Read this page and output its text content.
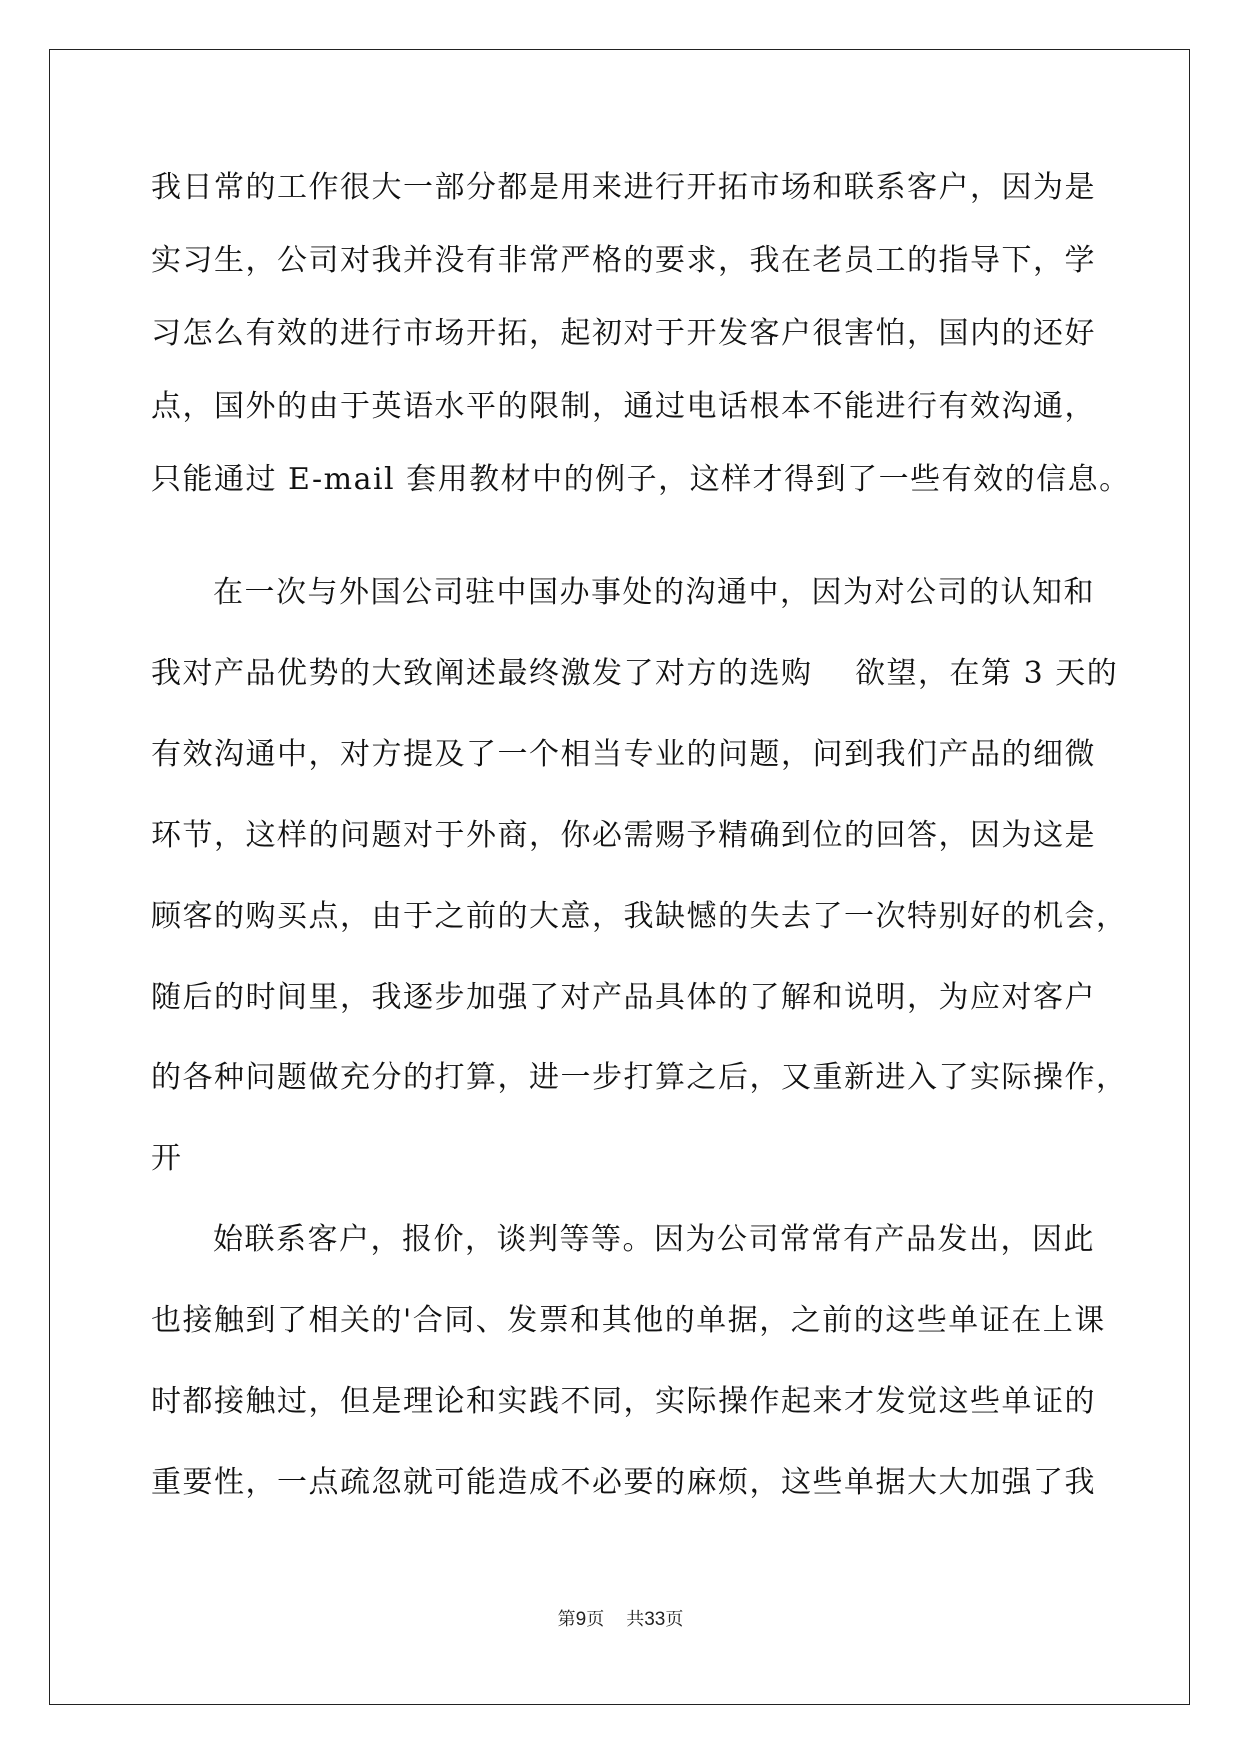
我日常的工作很大一部分都是用来进行开拓市场和联系客户，因为是
实习生，公司对我并没有非常严格的要求，我在老员工的指导下，学
习怎么有效的进行市场开拓，起初对于开发客户很害怕，国内的还好
点，国外的由于英语水平的限制，通过电话根本不能进行有效沟通，
只能通过 E-mail 套用教材中的例子，这样才得到了一些有效的信息。
在一次与外国公司驻中国办事处的沟通中，因为对公司的认知和
我对产品优势的大致阐述最终激发了对方的选购　 欲望，在第 3 天的
有效沟通中，对方提及了一个相当专业的问题，问到我们产品的细微
环节，这样的问题对于外商，你必需赐予精确到位的回答，因为这是
顾客的购买点，由于之前的大意，我缺憾的失去了一次特别好的机会，
随后的时间里，我逐步加强了对产品具体的了解和说明，为应对客户
的各种问题做充分的打算，进一步打算之后，又重新进入了实际操作，
开
始联系客户，报价，谈判等等。因为公司常常有产品发出，因此
也接触到了相关的'合同、发票和其他的单据，之前的这些单证在上课
时都接触过，但是理论和实践不同，实际操作起来才发觉这些单证的
重要性，一点疏忽就可能造成不必要的麻烦，这些单据大大加强了我
第9页 共33页
